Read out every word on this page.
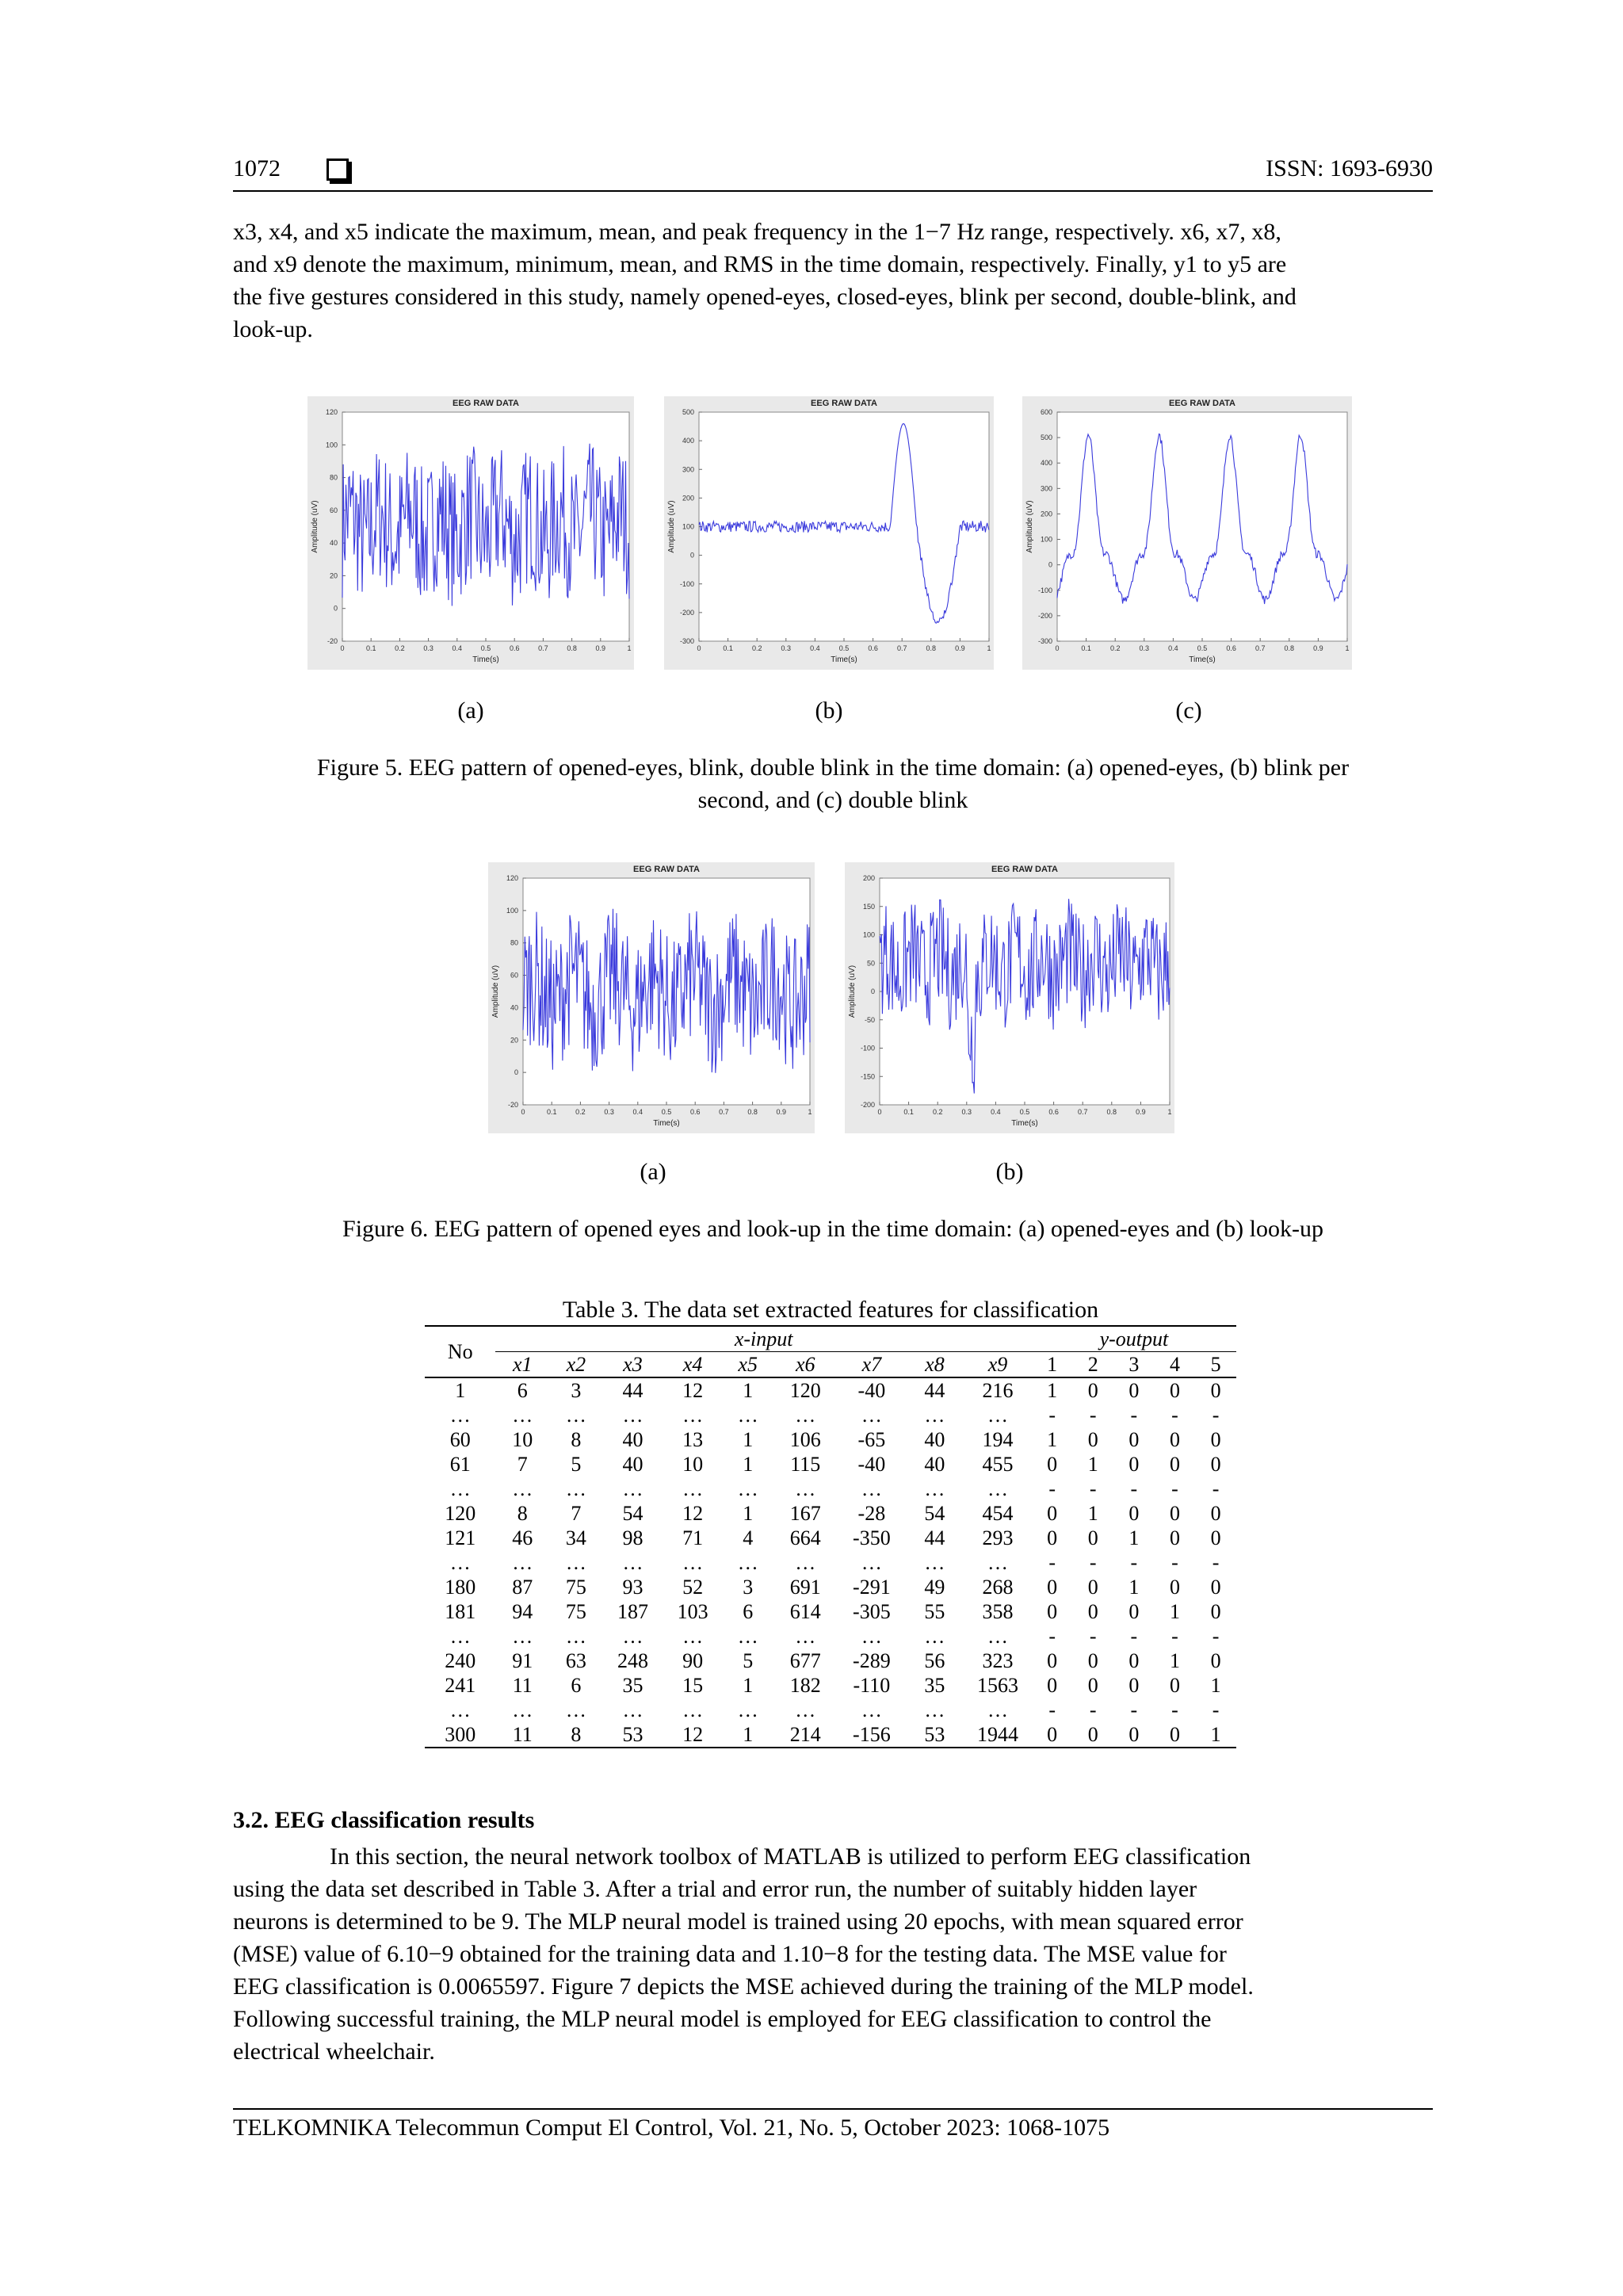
1072	ISSN: 1693-6930
x3, x4, and x5 indicate the maximum, mean, and peak frequency in the 1−7 Hz range, respectively. x6, x7, x8,
and x9 denote the maximum, minimum, mean, and RMS in the time domain, respectively. Finally, y1 to y5 are
the five gestures considered in this study, namely opened-eyes, closed-eyes, blink per second, double-blink, and
look-up.
EEG RAW DATA
120
100
80
60
40
20
0
-20
0	0.1	0.2	0.3	0.4	0.5	0.6	0.7	0.8	0.9	1
Time(s)
Amplitude (uV)
EEG RAW DATA
500
400
300
200
100
0
-100
-200
-300
0	0.1	0.2	0.3	0.4	0.5	0.6	0.7	0.8	0.9	1
Time(s)
Amplitude (uV)
EEG RAW DATA
600
500
400
300
200
100
0
-100
-200
-300
0	0.1	0.2	0.3	0.4	0.5	0.6	0.7	0.8	0.9	1
Time(s)
Amplitude (uV)
(a)	(b)	(c)
Figure 5. EEG pattern of opened-eyes, blink, double blink in the time domain: (a) opened-eyes, (b) blink per
second, and (c) double blink
EEG RAW DATA
120
100
80
60
40
20
0
-20
0	0.1	0.2	0.3	0.4	0.5	0.6	0.7	0.8	0.9	1
Time(s)
Amplitude (uV)
EEG RAW DATA
200
150
100
50
0
-50
-100
-150
-200
0	0.1	0.2	0.3	0.4	0.5	0.6	0.7	0.8	0.9	1
Time(s)
Amplitude (uV)
(a)	(b)
Figure 6. EEG pattern of opened eyes and look-up in the time domain: (a) opened-eyes and (b) look-up
Table 3. The data set extracted features for classification
No	x-input									y-output				
	x1	x2	x3	x4	x5	x6	x7	x8	x9	1	2	3	4	5
1	6	3	44	12	1	120	-40	44	216	1	0	0	0	0
…	…	…	…	…	…	…	…	…	…	-	-	-	-	-
60	10	8	40	13	1	106	-65	40	194	1	0	0	0	0
61	7	5	40	10	1	115	-40	40	455	0	1	0	0	0
…	…	…	…	…	…	…	…	…	…	-	-	-	-	-
120	8	7	54	12	1	167	-28	54	454	0	1	0	0	0
121	46	34	98	71	4	664	-350	44	293	0	0	1	0	0
…	…	…	…	…	…	…	…	…	…	-	-	-	-	-
180	87	75	93	52	3	691	-291	49	268	0	0	1	0	0
181	94	75	187	103	6	614	-305	55	358	0	0	0	1	0
…	…	…	…	…	…	…	…	…	…	-	-	-	-	-
240	91	63	248	90	5	677	-289	56	323	0	0	0	1	0
241	11	6	35	15	1	182	-110	35	1563	0	0	0	0	1
…	…	…	…	…	…	…	…	…	…	-	-	-	-	-
300	11	8	53	12	1	214	-156	53	1944	0	0	0	0	1
3.2. EEG classification results
In this section, the neural network toolbox of MATLAB is utilized to perform EEG classification
using the data set described in Table 3. After a trial and error run, the number of suitably hidden layer
neurons is determined to be 9. The MLP neural model is trained using 20 epochs, with mean squared error
(MSE) value of 6.10−9 obtained for the training data and 1.10−8 for the testing data. The MSE value for
EEG classification is 0.0065597. Figure 7 depicts the MSE achieved during the training of the MLP model.
Following successful training, the MLP neural model is employed for EEG classification to control the
electrical wheelchair.
TELKOMNIKA Telecommun Comput El Control, Vol. 21, No. 5, October 2023: 1068-1075
